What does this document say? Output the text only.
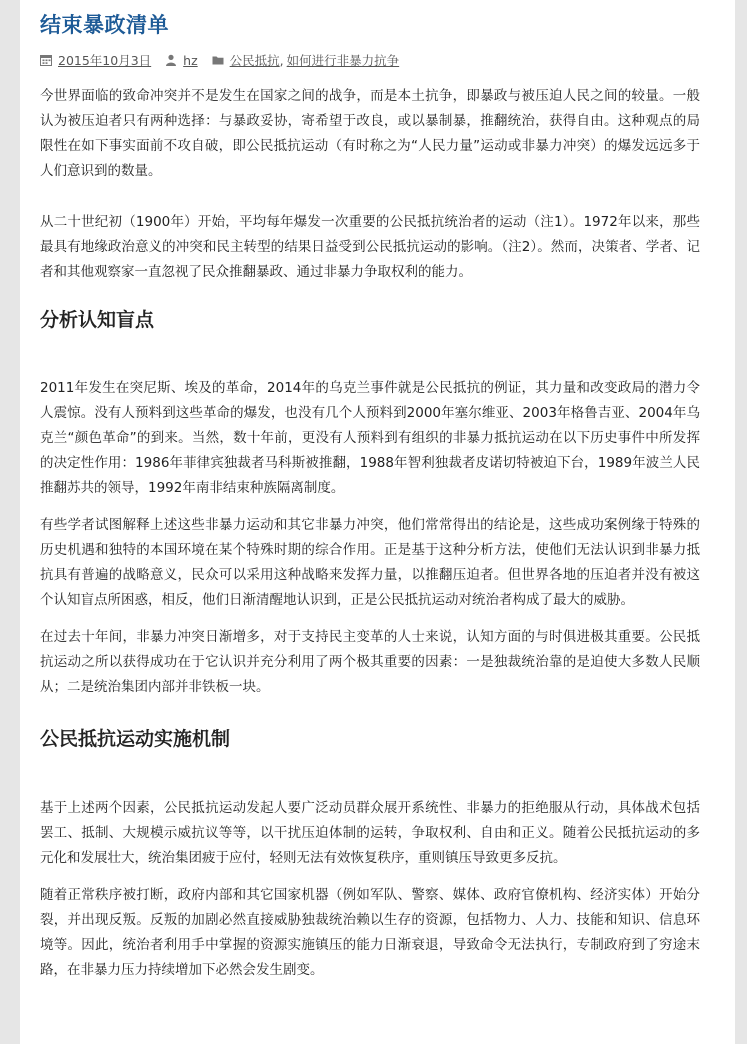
结束暴政清单
2015年10月3日	hz	公民抵抗 , 如何进行非暴力抗争

今世界面临的致命冲突并不是发生在国家之间的战争，而是本土抗争，即暴政与被压迫人民之间的较量。一般认为被压迫者只有两种选择：与暴政妥协，寄希望于改良，或以暴制暴，推翻统治，获得自由。这种观点的局限性在如下事实面前不攻自破，即公民抵抗运动（有时称之为“人民力量”运动或非暴力冲突）的爆发远远多于人们意识到的数量。

从二十世纪初（1900年）开始，平均每年爆发一次重要的公民抵抗统治者的运动（注1）。1972年以来，那些最具有地缘政治意义的冲突和民主转型的结果日益受到公民抵抗运动的影响。（注2）。然而，决策者、学者、记者和其他观察家一直忽视了民众推翻暴政、通过非暴力争取权利的能力。

分析认知盲点

2011年发生在突尼斯、埃及的革命，2014年的乌克兰事件就是公民抵抗的例证，其力量和改变政局的潜力令人震惊。没有人预料到这些革命的爆发，也没有几个人预料到2000年塞尔维亚、2003年格鲁吉亚、2004年乌克兰“颜色革命”的到来。当然，数十年前，更没有人预料到有组织的非暴力抵抗运动在以下历史事件中所发挥的决定性作用：1986年菲律宾独裁者马科斯被推翻，1988年智利独裁者皮诺切特被迫下台，1989年波兰人民推翻苏共的领导，1992年南非结束种族隔离制度。

有些学者试图解释上述这些非暴力运动和其它非暴力冲突，他们常常得出的结论是，这些成功案例缘于特殊的历史机遇和独特的本国环境在某个特殊时期的综合作用。正是基于这种分析方法，使他们无法认识到非暴力抵抗具有普遍的战略意义，民众可以采用这种战略来发挥力量，以推翻压迫者。但世界各地的压迫者并没有被这个认知盲点所困惑，相反，他们日渐清醒地认识到，正是公民抵抗运动对统治者构成了最大的威胁。

在过去十年间，非暴力冲突日渐增多，对于支持民主变革的人士来说，认知方面的与时俱进极其重要。公民抵抗运动之所以获得成功在于它认识并充分利用了两个极其重要的因素：一是独裁统治靠的是迫使大多数人民顺从；二是统治集团内部并非铁板一块。

公民抵抗运动实施机制

基于上述两个因素，公民抵抗运动发起人要广泛动员群众展开系统性、非暴力的拒绝服从行动，具体战术包括罢工、抵制、大规模示威抗议等等，以干扰压迫体制的运转，争取权利、自由和正义。随着公民抵抗运动的多元化和发展壮大，统治集团疲于应付，轻则无法有效恢复秩序，重则镇压导致更多反抗。

随着正常秩序被打断，政府内部和其它国家机器（例如军队、警察、媒体、政府官僚机构、经济实体）开始分裂，并出现反叛。反叛的加剧必然直接威胁独裁统治赖以生存的资源，包括物力、人力、技能和知识、信息环境等。因此，统治者利用手中掌握的资源实施镇压的能力日渐衰退，导致命令无法执行，专制政府到了穷途末路，在非暴力压力持续增加下必然会发生剧变。
